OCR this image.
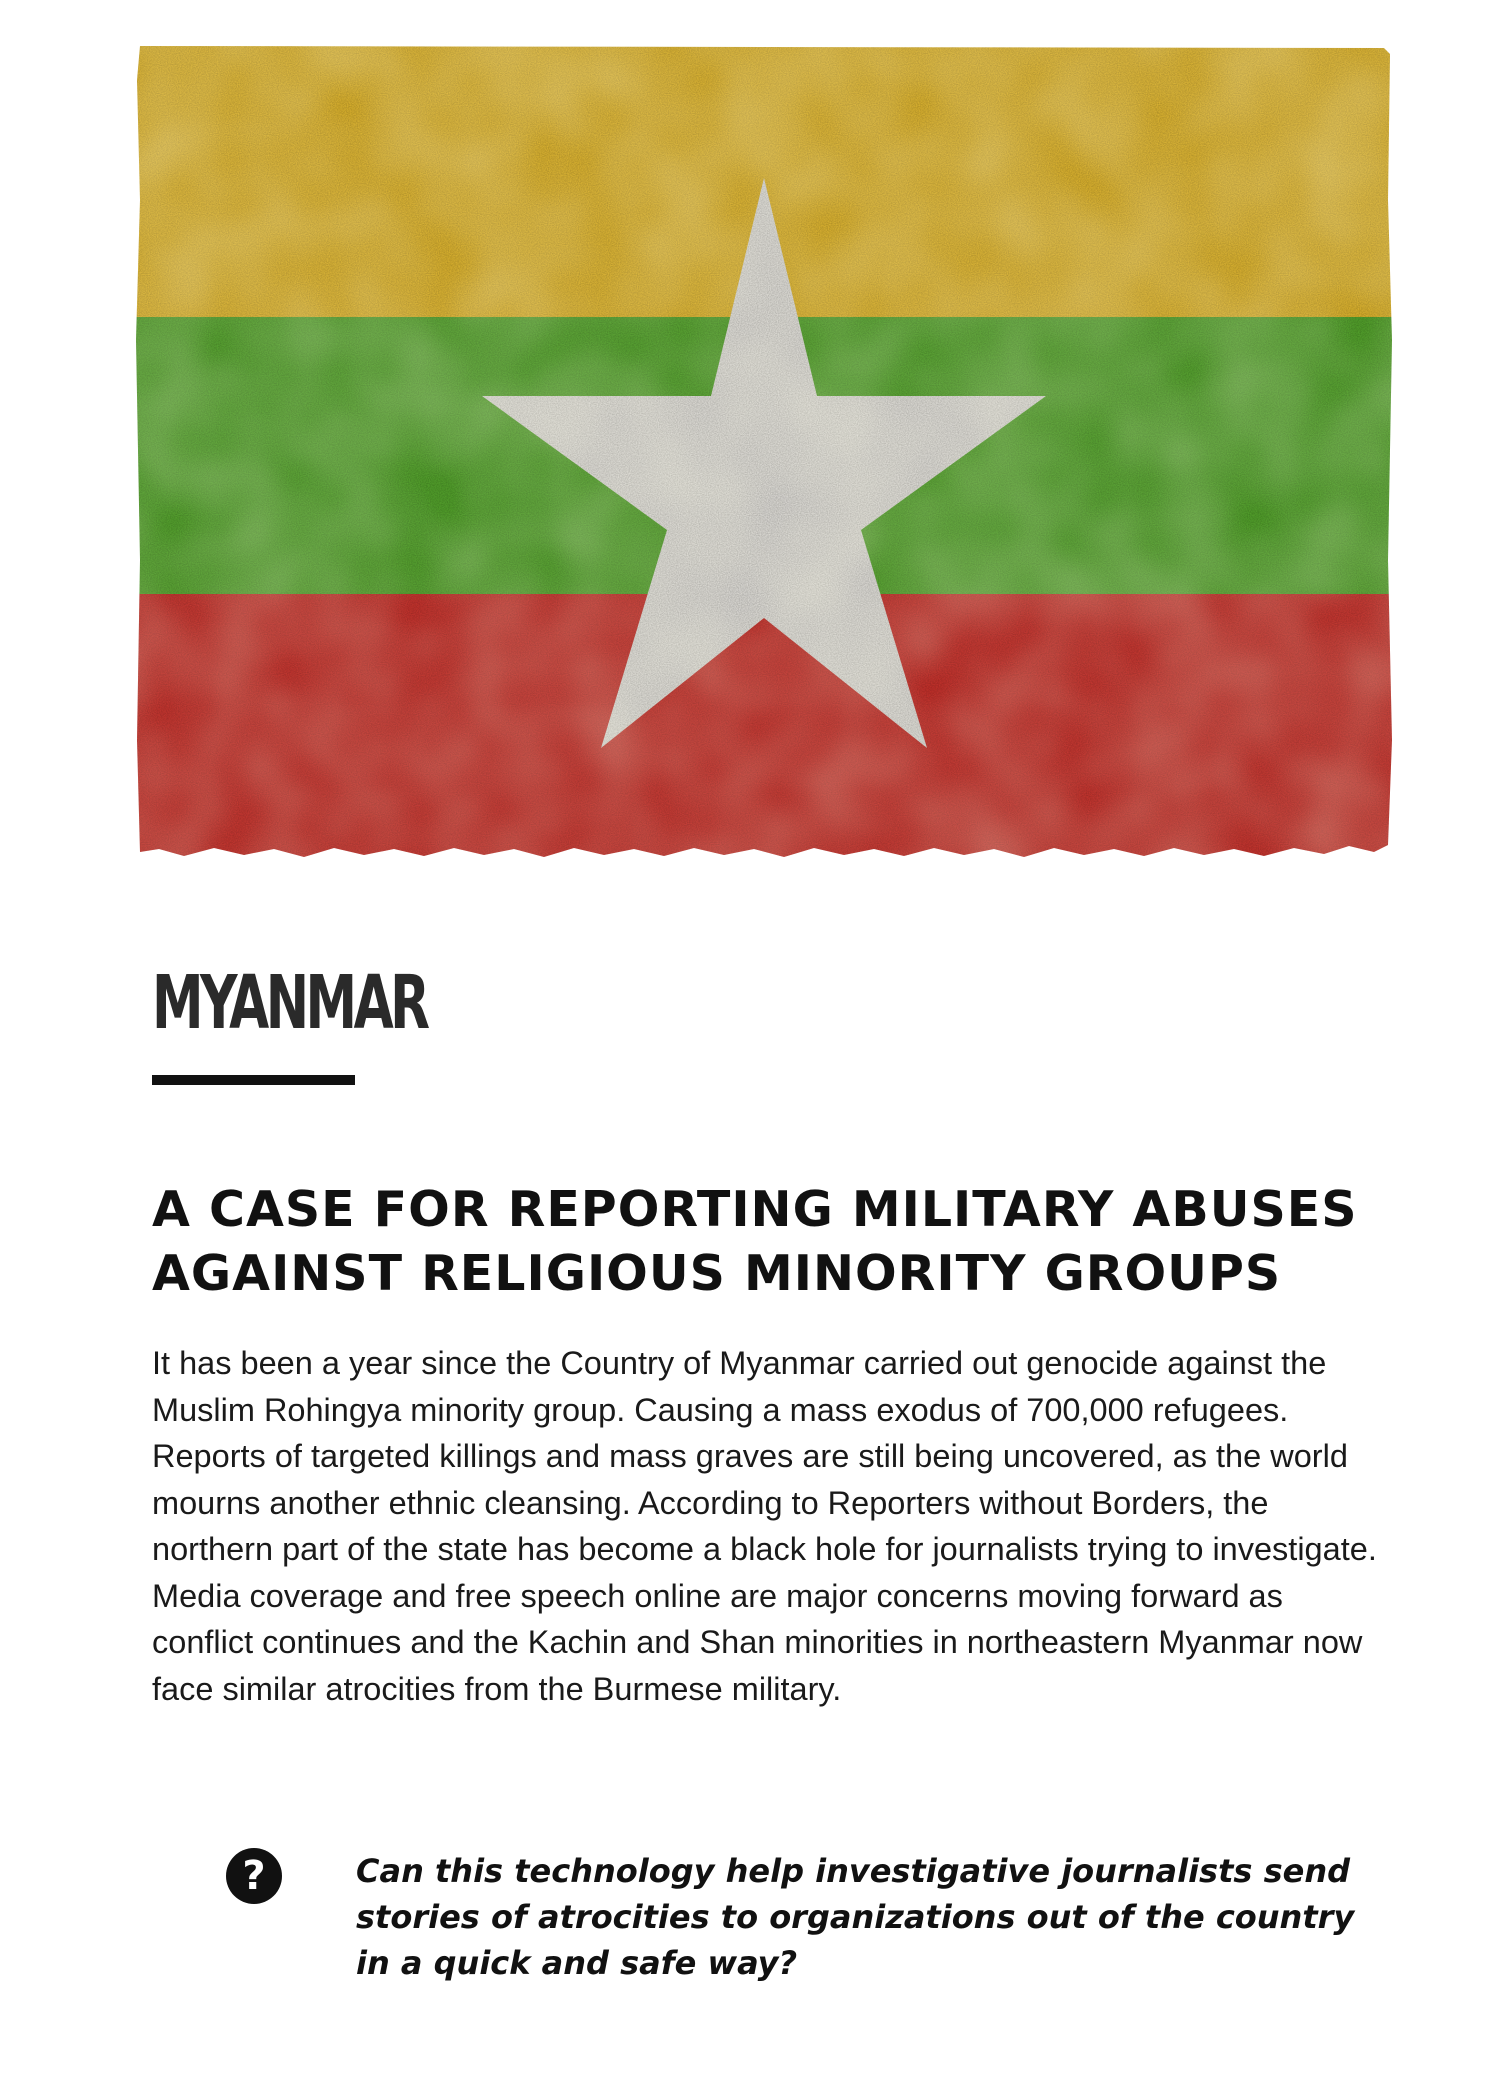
MYANMAR
A CASE FOR REPORTING MILITARY ABUSES
AGAINST RELIGIOUS MINORITY GROUPS

It has been a year since the Country of Myanmar carried out genocide against the Muslim Rohingya minority group. Causing a mass exodus of 700,000 refugees. Reports of targeted killings and mass graves are still being uncovered, as the world mourns another ethnic cleansing. According to Reporters without Borders, the northern part of the state has become a black hole for journalists trying to investigate. Media coverage and free speech online are major concerns moving forward as conflict continues and the Kachin and Shan minorities in northeastern Myanmar now face similar atrocities from the Burmese military.

?	Can this technology help investigative journalists send stories of atrocities to organizations out of the country in a quick and safe way?
